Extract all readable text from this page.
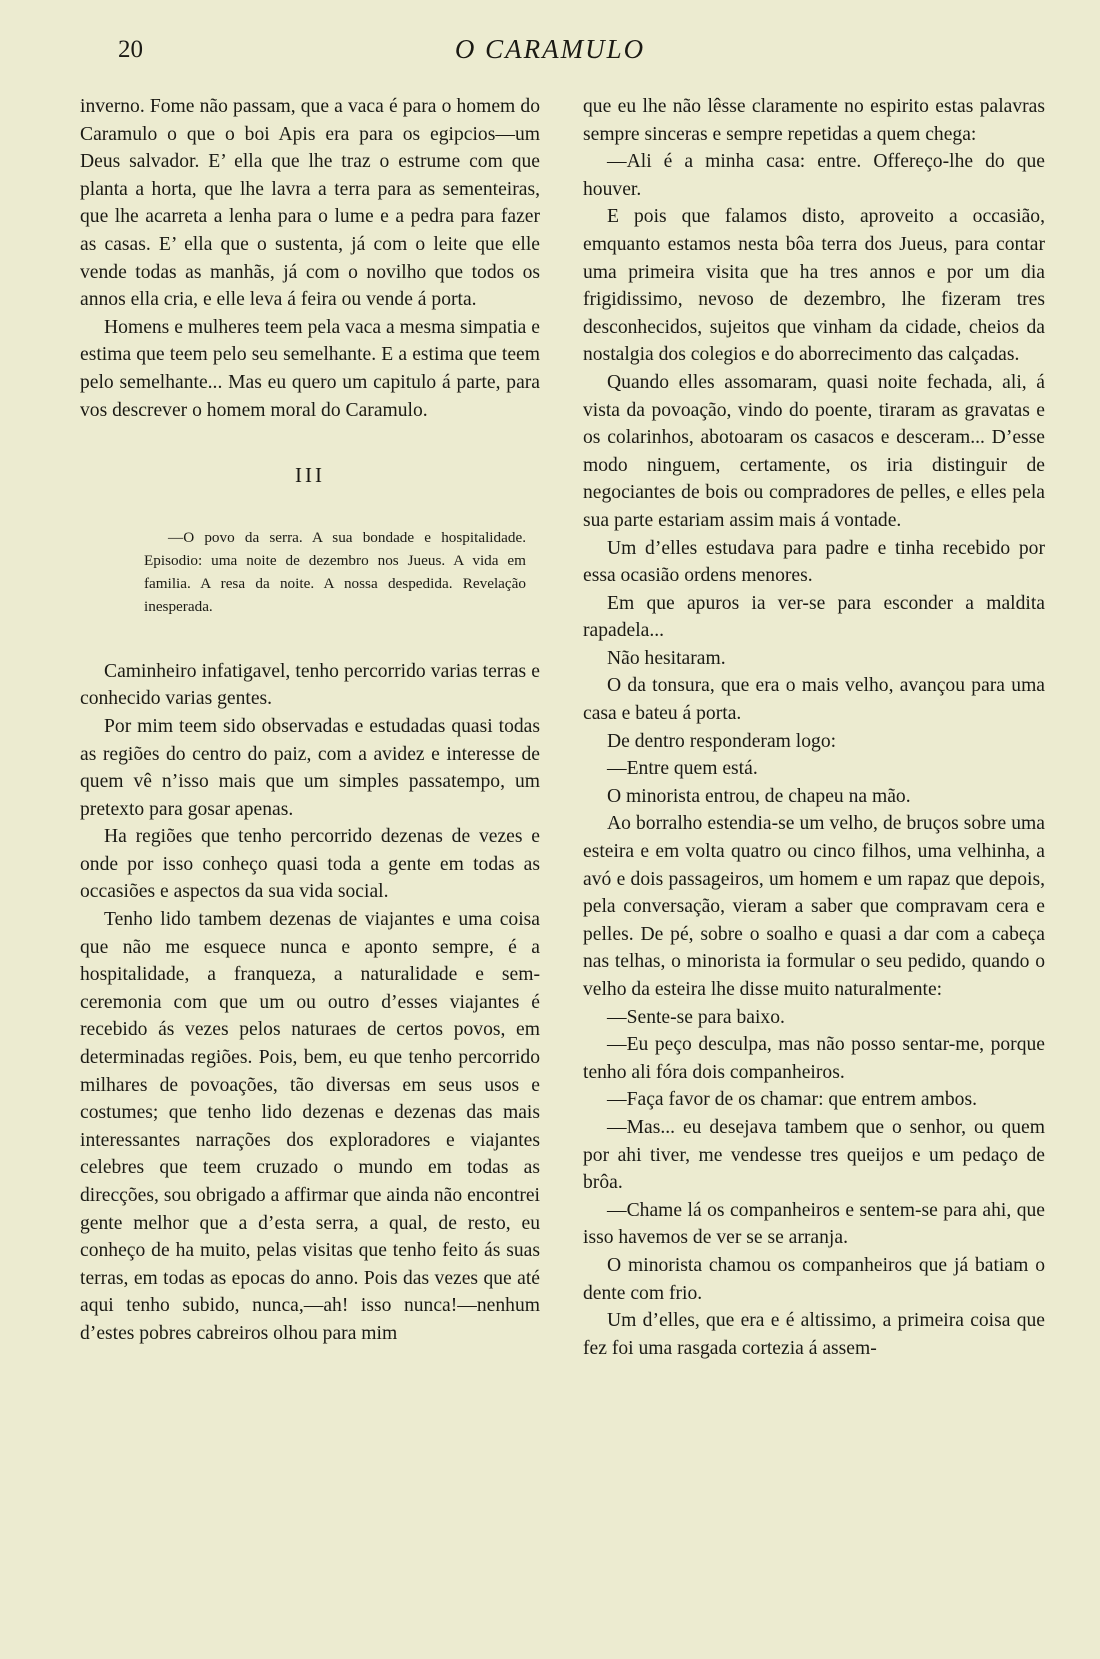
20	O CARAMULO

inverno. Fome não passam, que a vaca é para o homem do Caramulo o que o boi Apis era para os egipcios—um Deus salvador. E’ ella que lhe traz o estrume com que planta a horta, que lhe lavra a terra para as sementeiras, que lhe acarreta a lenha para o lume e a pedra para fazer as casas. E’ ella que o sustenta, já com o leite que elle vende todas as manhãs, já com o novilho que todos os annos ella cria, e elle leva á feira ou vende á porta.

Homens e mulheres teem pela vaca a mesma simpatia e estima que teem pelo seu semelhante. E a estima que teem pelo semelhante... Mas eu quero um capitulo á parte, para vos descrever o homem moral do Caramulo.

III

—O povo da serra. A sua bondade e hospitalidade. Episodio: uma noite de dezembro nos Jueus. A vida em familia. A resa da noite. A nossa despedida. Revelação inesperada.

Caminheiro infatigavel, tenho percorrido varias terras e conhecido varias gentes.

Por mim teem sido observadas e estudadas quasi todas as regiões do centro do paiz, com a avidez e interesse de quem vê n’isso mais que um simples passatempo, um pretexto para gosar apenas.

Ha regiões que tenho percorrido dezenas de vezes e onde por isso conheço quasi toda a gente em todas as occasiões e aspectos da sua vida social.

Tenho lido tambem dezenas de viajantes e uma coisa que não me esquece nunca e aponto sempre, é a hospitalidade, a franqueza, a naturalidade e sem-ceremonia com que um ou outro d’esses viajantes é recebido ás vezes pelos naturaes de certos povos, em determinadas regiões. Pois, bem, eu que tenho percorrido milhares de povoações, tão diversas em seus usos e costumes; que tenho lido dezenas e dezenas das mais interessantes narrações dos exploradores e viajantes celebres que teem cruzado o mundo em todas as direcções, sou obrigado a affirmar que ainda não encontrei gente melhor que a d’esta serra, a qual, de resto, eu conheço de ha muito, pelas visitas que tenho feito ás suas terras, em todas as epocas do anno. Pois das vezes que até aqui tenho subido, nunca,—ah! isso nunca!—nenhum d’estes pobres cabreiros olhou para mim

que eu lhe não lêsse claramente no espirito estas palavras sempre sinceras e sempre repetidas a quem chega:

—Ali é a minha casa: entre. Offereço-lhe do que houver.

E pois que falamos disto, aproveito a occasião, emquanto estamos nesta bôa terra dos Jueus, para contar uma primeira visita que ha tres annos e por um dia frigidissimo, nevoso de dezembro, lhe fizeram tres desconhecidos, sujeitos que vinham da cidade, cheios da nostalgia dos colegios e do aborrecimento das calçadas.

Quando elles assomaram, quasi noite fechada, ali, á vista da povoação, vindo do poente, tiraram as gravatas e os colarinhos, abotoaram os casacos e desceram... D’esse modo ninguem, certamente, os iria distinguir de negociantes de bois ou compradores de pelles, e elles pela sua parte estariam assim mais á vontade.

Um d’elles estudava para padre e tinha recebido por essa ocasião ordens menores.

Em que apuros ia ver-se para esconder a maldita rapadela...

Não hesitaram.

O da tonsura, que era o mais velho, avançou para uma casa e bateu á porta.

De dentro responderam logo:

—Entre quem está.

O minorista entrou, de chapeu na mão.

Ao borralho estendia-se um velho, de bruços sobre uma esteira e em volta quatro ou cinco filhos, uma velhinha, a avó e dois passageiros, um homem e um rapaz que depois, pela conversação, vieram a saber que compravam cera e pelles. De pé, sobre o soalho e quasi a dar com a cabeça nas telhas, o minorista ia formular o seu pedido, quando o velho da esteira lhe disse muito naturalmente:

—Sente-se para baixo.

—Eu peço desculpa, mas não posso sentar-me, porque tenho ali fóra dois companheiros.

—Faça favor de os chamar: que entrem ambos.

—Mas... eu desejava tambem que o senhor, ou quem por ahi tiver, me vendesse tres queijos e um pedaço de brôa.

—Chame lá os companheiros e sentem-se para ahi, que isso havemos de ver se se arranja.

O minorista chamou os companheiros que já batiam o dente com frio.

Um d’elles, que era e é altissimo, a primeira coisa que fez foi uma rasgada cortezia á assem-
